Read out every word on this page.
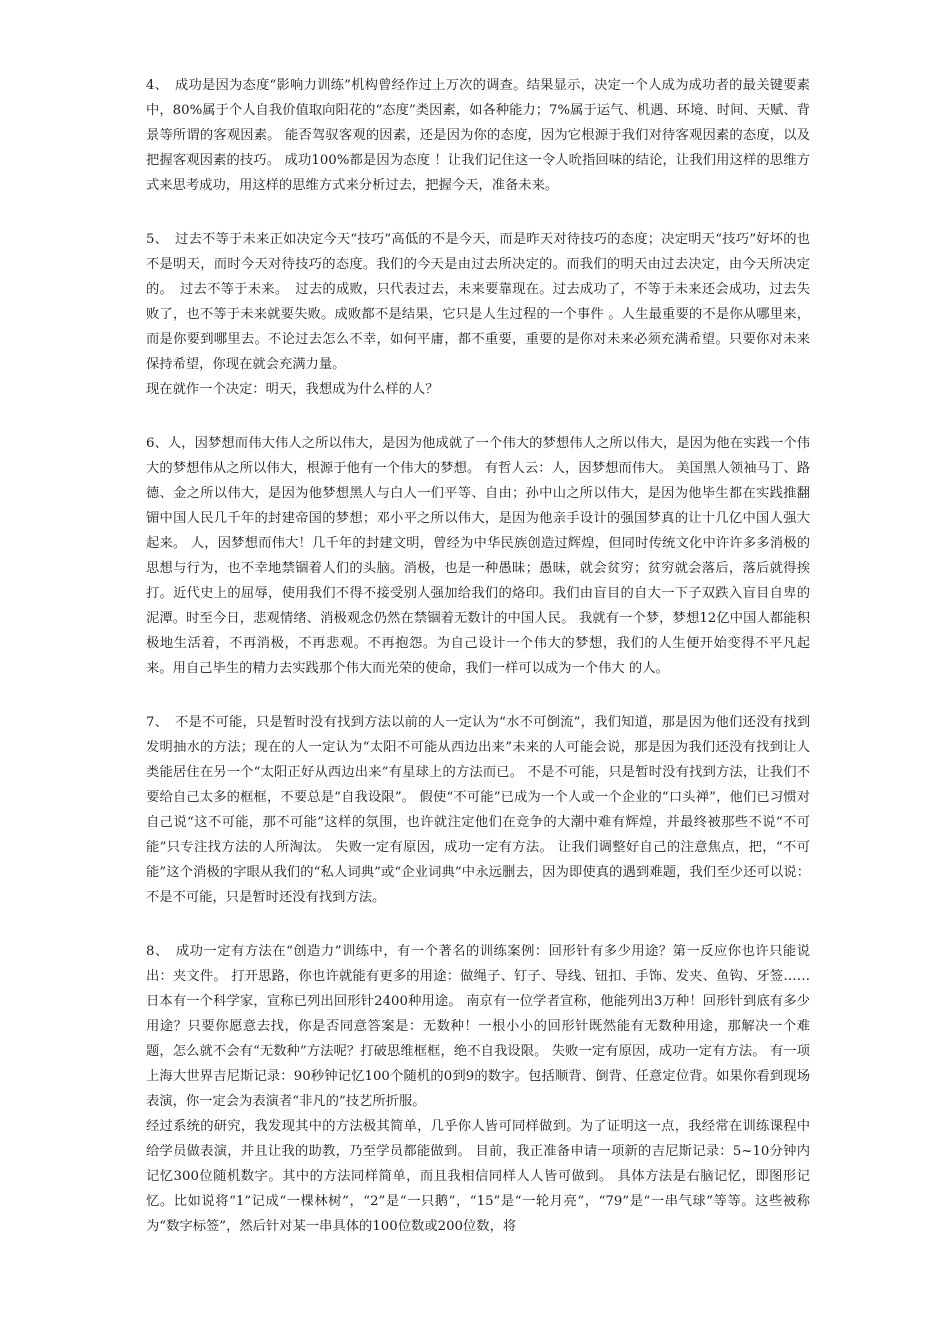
4、　成功是因为态度“影响力训练”机构曾经作过上万次的调查。结果显示，决定一个人成为成功者的最关键要素中，80%属于个人自我价值取向阳花的“态度”类因素，如各种能力；7%属于运气、机遇、环境、时间、天赋、背景等所谓的客观因素。 能否驾驭客观的因素，还是因为你的态度，因为它根源于我们对待客观因素的态度，以及把握客观因素的技巧。 成功100%都是因为态度 ！让我们记住这一令人吮指回味的结论，让我们用这样的思维方式来思考成功，用这样的思维方式来分析过去，把握今天，准备未来。

5、　过去不等于未来正如决定今天“技巧”高低的不是今天，而是昨天对待技巧的态度；决定明天“技巧”好坏的也不是明天，而时今天对待技巧的态度。我们的今天是由过去所决定的。而我们的明天由过去决定，由今天所决定的。　过去不等于未来。　过去的成败，只代表过去，未来要靠现在。过去成功了，不等于未来还会成功，过去失败了，也不等于未来就要失败。成败都不是结果，它只是人生过程的一个事件 。人生最重要的不是你从哪里来，而是你要到哪里去。不论过去怎么不幸，如何平庸，都不重要，重要的是你对未来必须充满希望。只要你对未来保持希望，你现在就会充满力量。

现在就作一个决定：明天，我想成为什么样的人？

6、人，因梦想而伟大伟人之所以伟大，是因为他成就了一个伟大的梦想伟人之所以伟大，是因为他在实践一个伟大的梦想伟从之所以伟大，根源于他有一个伟大的梦想。 有哲人云：人，因梦想而伟大。 美国黑人领袖马丁、路德、金之所以伟大，是因为他梦想黑人与白人一们平等、自由；孙中山之所以伟大，是因为他毕生都在实践推翻镅中国人民几千年的封建帝国的梦想；邓小平之所以伟大，是因为他亲手设计的强国梦真的让十几亿中国人强大起来。 人，因梦想而伟大！几千年的封建文明，曾经为中华民族创造过辉煌，但同时传统文化中许许多多消极的思想与行为，也不幸地禁锢着人们的头脑。消极，也是一种愚昧；愚昧，就会贫穷；贫穷就会落后，落后就得挨打。近代史上的屈辱，使用我们不得不接受别人强加给我们的烙印。我们由盲目的自大一下子双跌入盲目自卑的泥潭。时至今日，悲观情绪、消极观念仍然在禁锢着无数计的中国人民。 我就有一个梦，梦想12亿中国人都能积极地生活着，不再消极，不再悲观。不再抱怨。为自己设计一个伟大的梦想，我们的人生便开始变得不平凡起来。用自己毕生的精力去实践那个伟大而光荣的使命，我们一样可以成为一个伟大 的人。

7、　不是不可能，只是暂时没有找到方法以前的人一定认为“水不可倒流”，我们知道，那是因为他们还没有找到发明抽水的方法；现在的人一定认为“太阳不可能从西边出来”未来的人可能会说，那是因为我们还没有找到让人类能居住在另一个“太阳正好从西边出来”有星球上的方法而已。 不是不可能，只是暂时没有找到方法，让我们不要给自己太多的框框，不要总是“自我设限”。 假使“不可能”已成为一个人或一个企业的“口头禅”，他们已习惯对自己说“这不可能，那不可能”这样的氛围，也许就注定他们在竞争的大潮中难有辉煌，并最终被那些不说“不可能”只专注找方法的人所淘汰。 失败一定有原因，成功一定有方法。 让我们调整好自己的注意焦点，把，“不可能”这个消极的字眼从我们的“私人词典”或“企业词典”中永远删去，因为即使真的遇到难题，我们至少还可以说：不是不可能，只是暂时还没有找到方法。

8、　成功一定有方法在“创造力”训练中，有一个著名的训练案例：回形针有多少用途？第一反应你也许只能说出：夹文件。 打开思路，你也许就能有更多的用途：做绳子、钉子、导线、钮扣、手饰、发夹、鱼钩、牙签……日本有一个科学家，宣称已列出回形针2400种用途。 南京有一位学者宣称，他能列出3万种！回形针到底有多少用途？只要你愿意去找，你是否同意答案是：无数种！一根小小的回形针既然能有无数种用途，那解决一个难题，怎么就不会有“无数种”方法呢？打破思维框框，绝不自我设限。 失败一定有原因，成功一定有方法。 有一项上海大世界吉尼斯记录：90秒钟记忆100个随机的0到9的数字。包括顺背、倒背、任意定位背。如果你看到现场表演，你一定会为表演者“非凡的”技艺所折服。

经过系统的研究，我发现其中的方法极其简单，几乎你人皆可同样做到。为了证明这一点，我经常在训练课程中给学员做表演，并且让我的助教，乃至学员都能做到。 目前，我正准备申请一项新的吉尼斯记录：5~10分钟内记忆300位随机数字。其中的方法同样简单，而且我相信同样人人皆可做到。 具体方法是右脑记忆，即图形记忆。比如说将“1”记成“一棵林树”，“2”是“一只鹅”，“15”是“一轮月亮”，“79”是“一串气球”等等。这些被称为“数字标签”，然后针对某一串具体的100位数或200位数，将
